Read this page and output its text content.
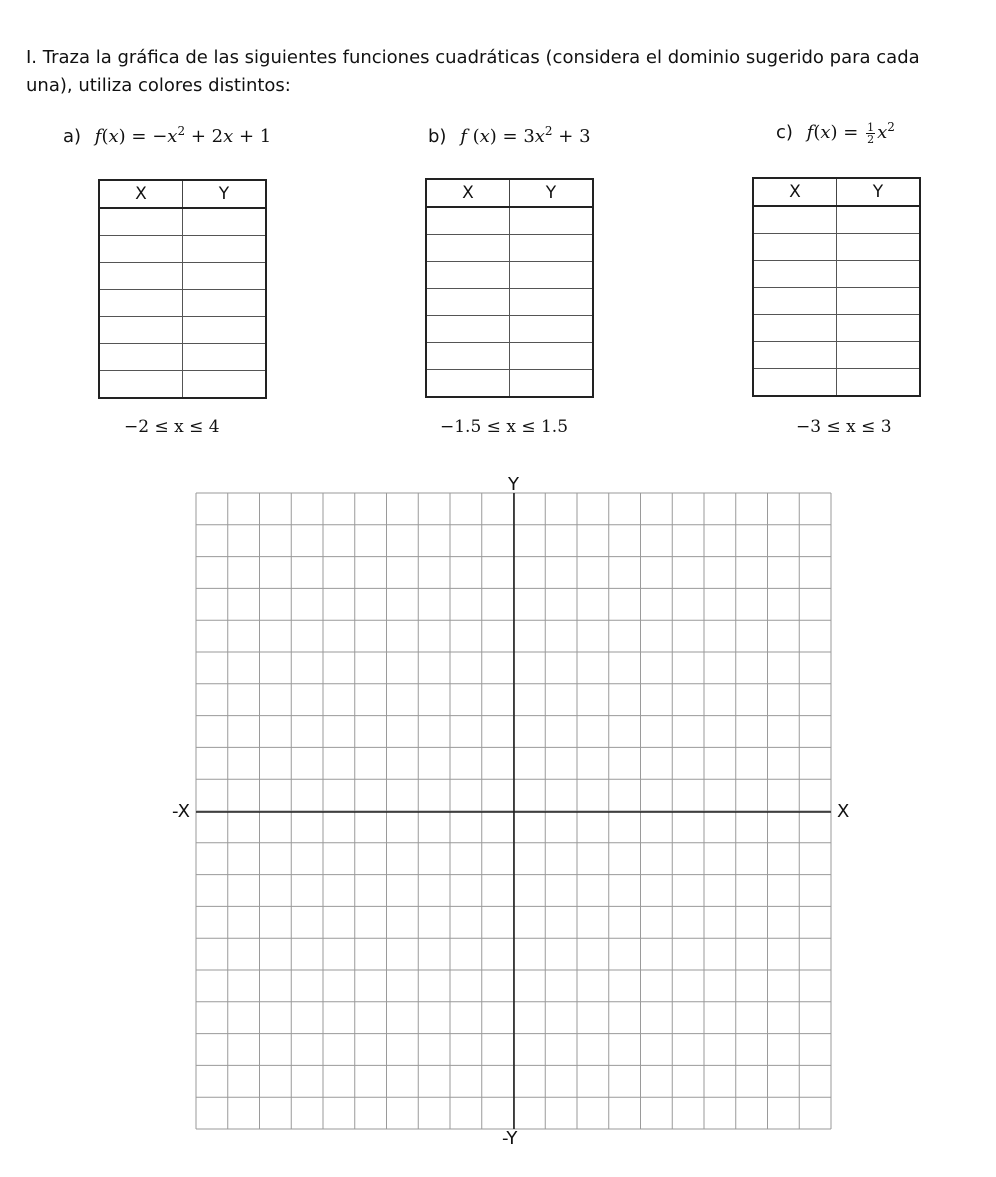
I. Traza la gráfica de las siguientes funciones cuadráticas (considera el dominio sugerido para cada
una), utiliza colores distintos:
a) $f(x) = -x^2 + 2x + 1$	b) f $(x) = 3x^2 + 3$	c) $f(x) = \frac{1}{2} x^2$
X	Y

		X	Y

		X	Y

−2 ≤ x ≤ 4	−1.5 ≤ x ≤ 1.5	−3 ≤ x ≤ 3
Y
-Y
X
-X
